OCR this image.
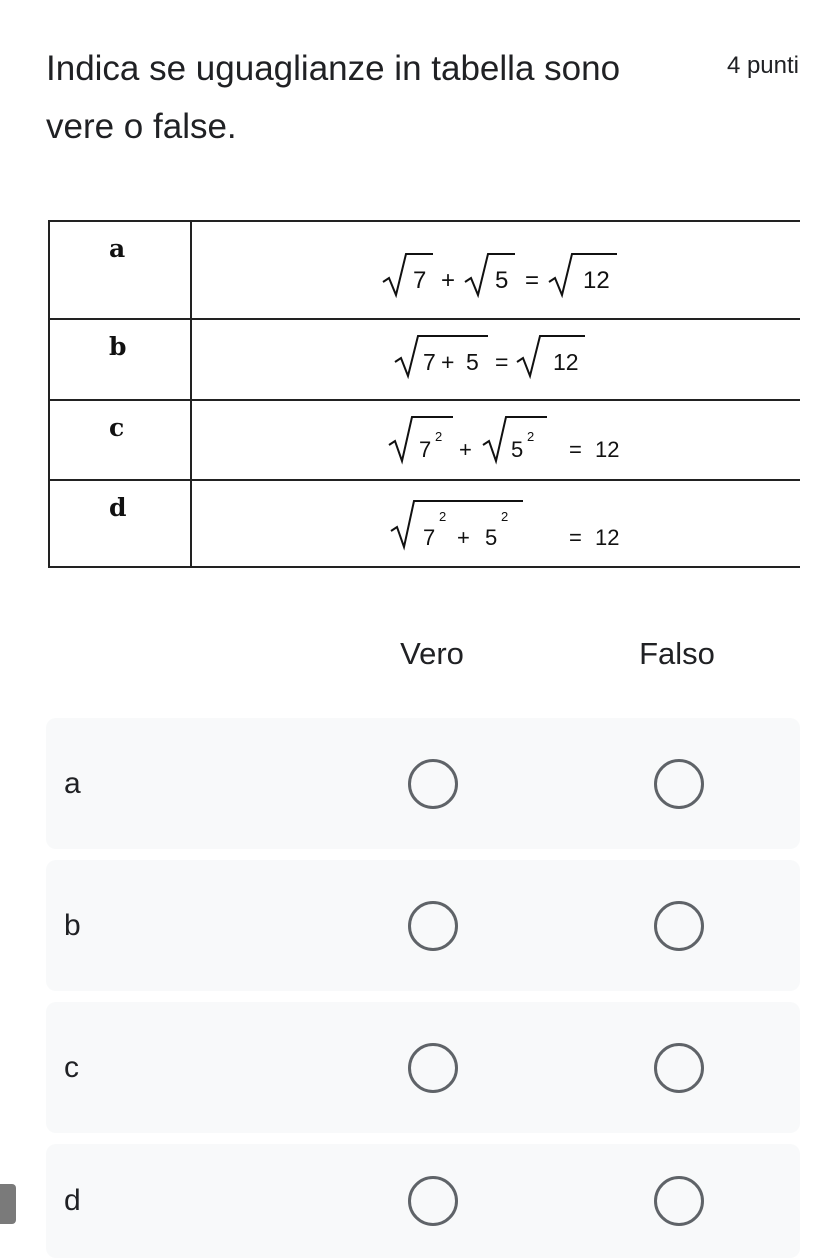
Indica se uguaglianze in tabella sono vere o false.
4 punti
a
7 + 5 = 12
b
7 + 5 = 12
c
7
2
+ 5
2
= 12
d
7
2
+ 5
2
= 12
Vero	Falso
a
b
c
d
